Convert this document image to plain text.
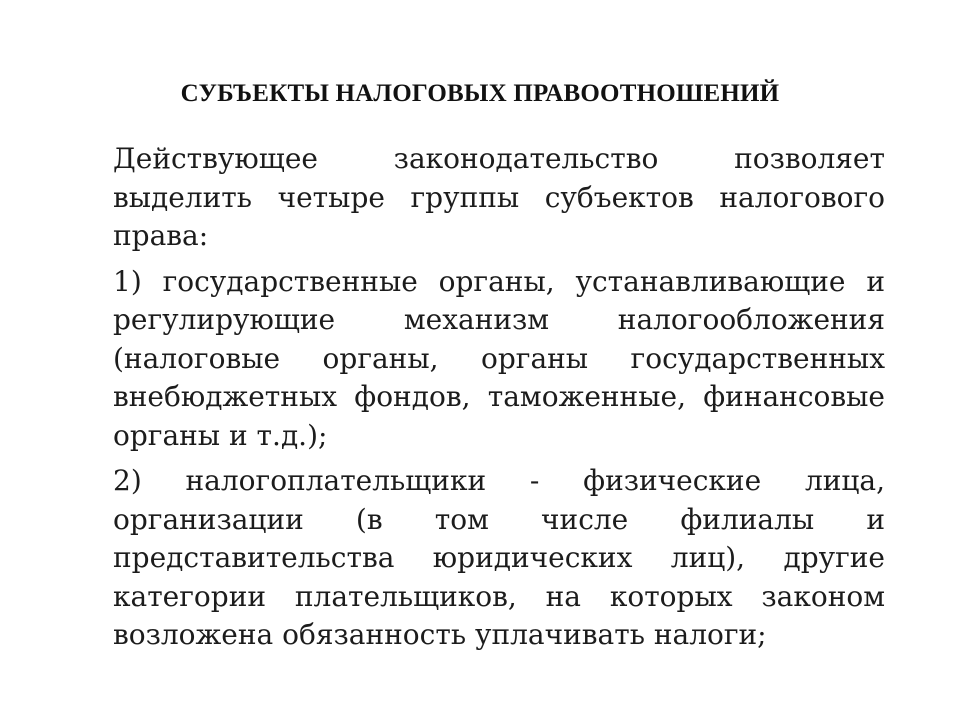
СУБЪЕКТЫ НАЛОГОВЫХ ПРАВООТНОШЕНИЙ

Действующее законодательство позволяет выделить четыре группы субъектов налогового права:

1) государственные органы, устанавливающие и регулирующие механизм налогообложения (налоговые органы, органы государственных внебюджетных фондов, таможенные, финансовые органы и т.д.);

2) налогоплательщики - физические лица, организации (в том числе филиалы и представительства юридических лиц), другие категории плательщиков, на которых законом возложена обязанность уплачивать налоги;
